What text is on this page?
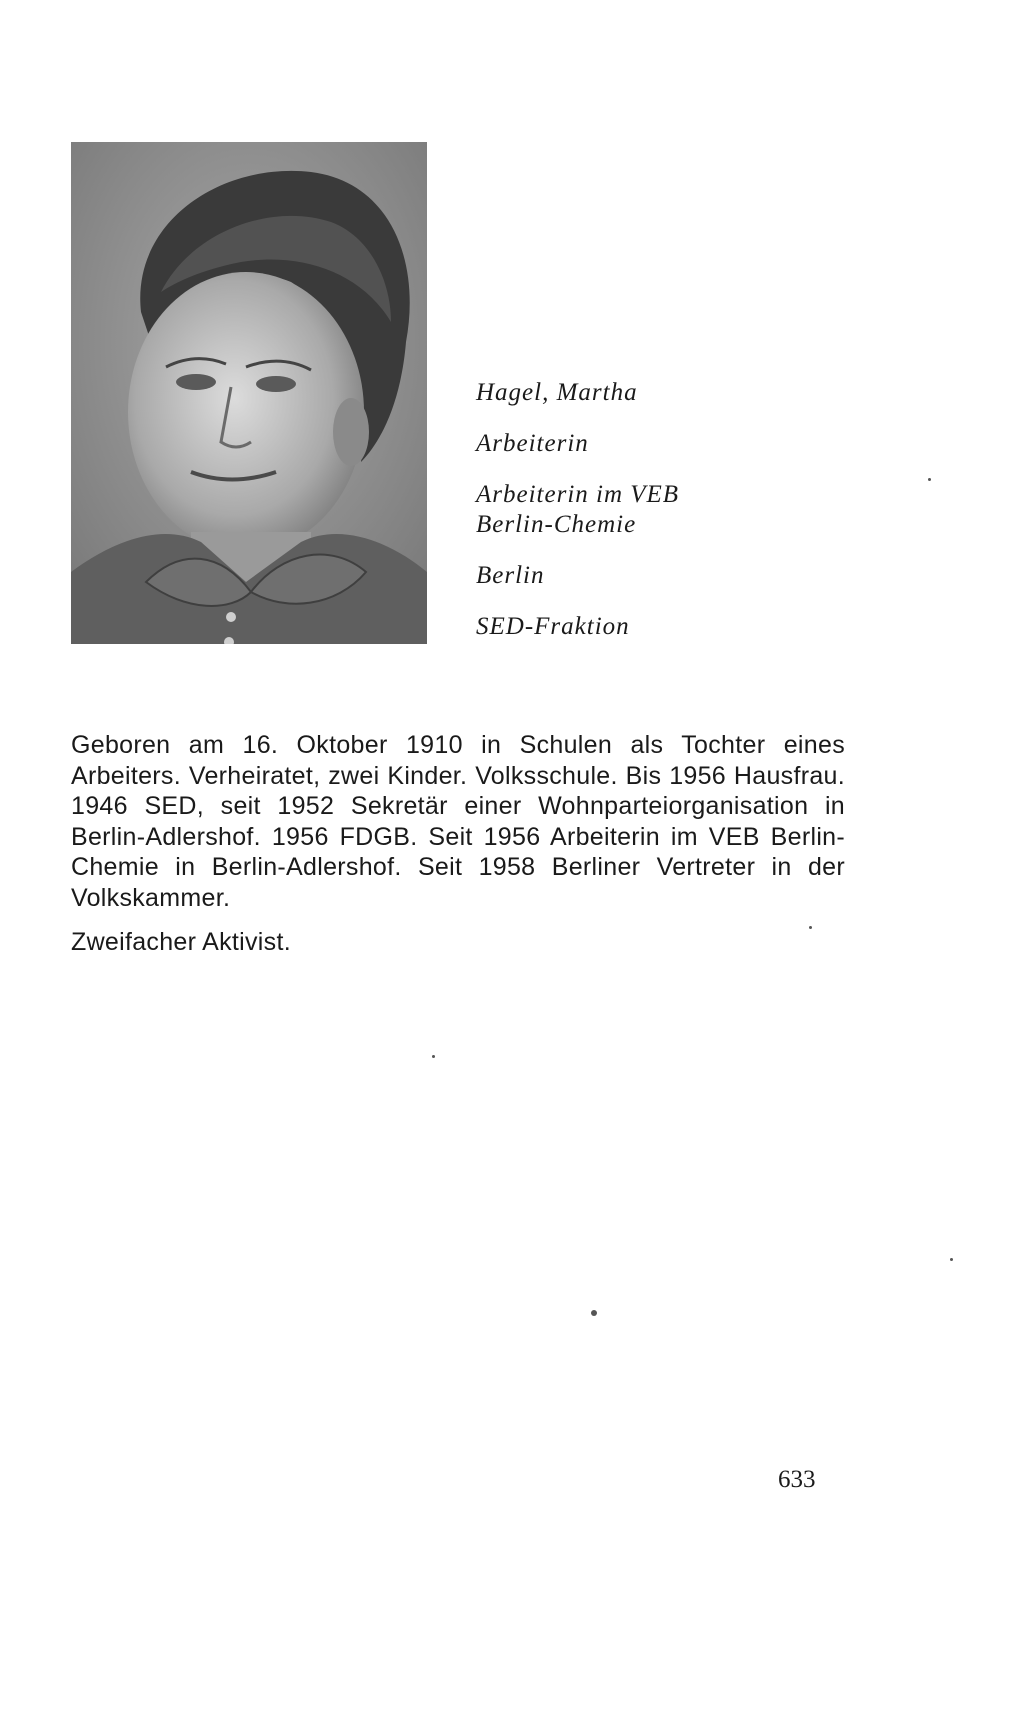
Hagel, Martha
Arbeiterin
Arbeiterin im VEB
Berlin-Chemie
Berlin
SED-Fraktion

Geboren am 16. Oktober 1910 in Schulen als Tochter eines Arbeiters. Verheiratet, zwei Kinder. Volksschule. Bis 1956 Hausfrau. 1946 SED, seit 1952 Sekretär einer Wohnparteiorganisation in Berlin-Adlershof. 1956 FDGB. Seit 1956 Arbeiterin im VEB Berlin-Chemie in Berlin-Adlershof. Seit 1958 Berliner Vertreter in der Volkskammer.

Zweifacher Aktivist.

633
